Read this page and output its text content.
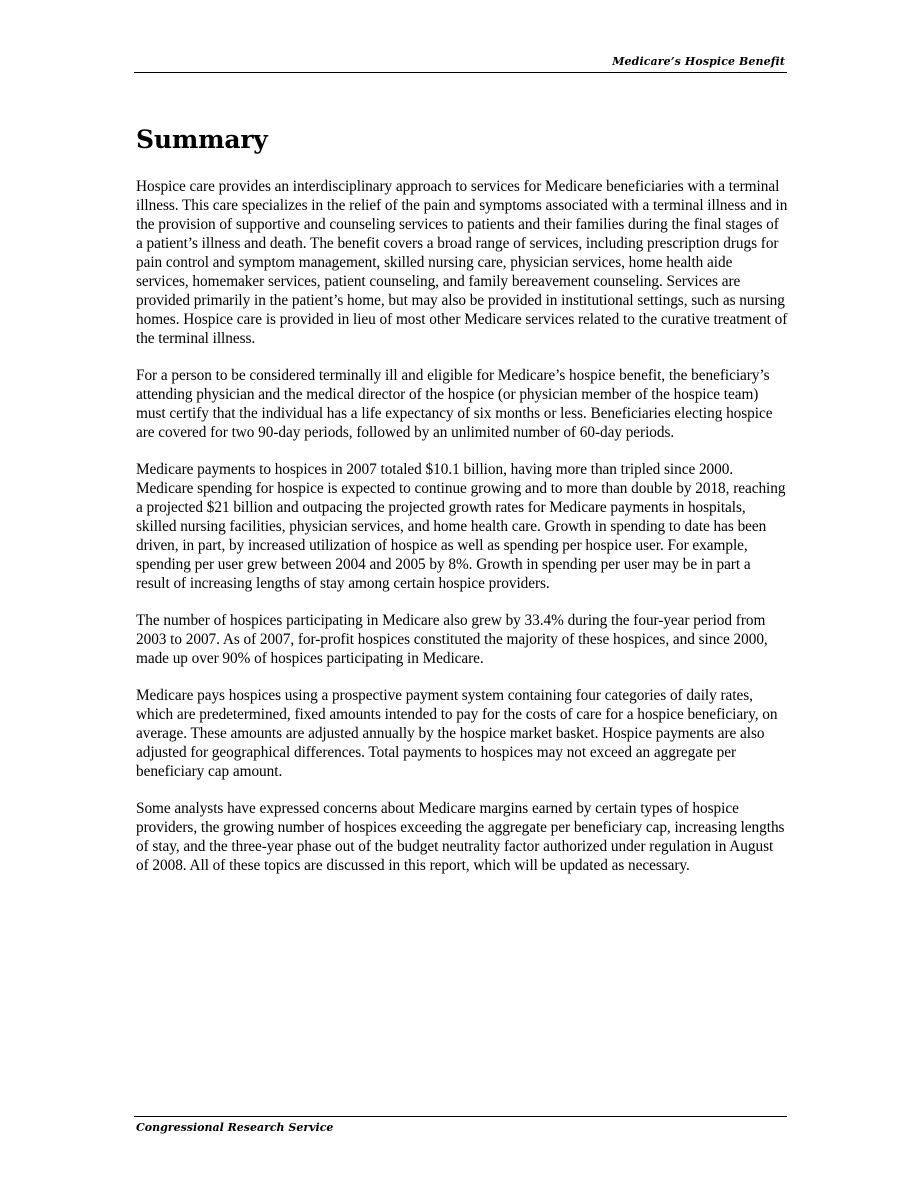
Medicare’s Hospice Benefit
Summary

Hospice care provides an interdisciplinary approach to services for Medicare beneficiaries with a terminal illness. This care specializes in the relief of the pain and symptoms associated with a terminal illness and in the provision of supportive and counseling services to patients and their families during the final stages of a patient’s illness and death. The benefit covers a broad range of services, including prescription drugs for pain control and symptom management, skilled nursing care, physician services, home health aide services, homemaker services, patient counseling, and family bereavement counseling. Services are provided primarily in the patient’s home, but may also be provided in institutional settings, such as nursing homes. Hospice care is provided in lieu of most other Medicare services related to the curative treatment of the terminal illness.

For a person to be considered terminally ill and eligible for Medicare’s hospice benefit, the beneficiary’s attending physician and the medical director of the hospice (or physician member of the hospice team) must certify that the individual has a life expectancy of six months or less. Beneficiaries electing hospice are covered for two 90-day periods, followed by an unlimited number of 60-day periods.

Medicare payments to hospices in 2007 totaled $10.1 billion, having more than tripled since 2000. Medicare spending for hospice is expected to continue growing and to more than double by 2018, reaching a projected $21 billion and outpacing the projected growth rates for Medicare payments in hospitals, skilled nursing facilities, physician services, and home health care. Growth in spending to date has been driven, in part, by increased utilization of hospice as well as spending per hospice user. For example, spending per user grew between 2004 and 2005 by 8%. Growth in spending per user may be in part a result of increasing lengths of stay among certain hospice providers.

The number of hospices participating in Medicare also grew by 33.4% during the four-year period from 2003 to 2007. As of 2007, for-profit hospices constituted the majority of these hospices, and since 2000, made up over 90% of hospices participating in Medicare.

Medicare pays hospices using a prospective payment system containing four categories of daily rates, which are predetermined, fixed amounts intended to pay for the costs of care for a hospice beneficiary, on average. These amounts are adjusted annually by the hospice market basket. Hospice payments are also adjusted for geographical differences. Total payments to hospices may not exceed an aggregate per beneficiary cap amount.

Some analysts have expressed concerns about Medicare margins earned by certain types of hospice providers, the growing number of hospices exceeding the aggregate per beneficiary cap, increasing lengths of stay, and the three-year phase out of the budget neutrality factor authorized under regulation in August of 2008. All of these topics are discussed in this report, which will be updated as necessary.

Congressional Research Service
